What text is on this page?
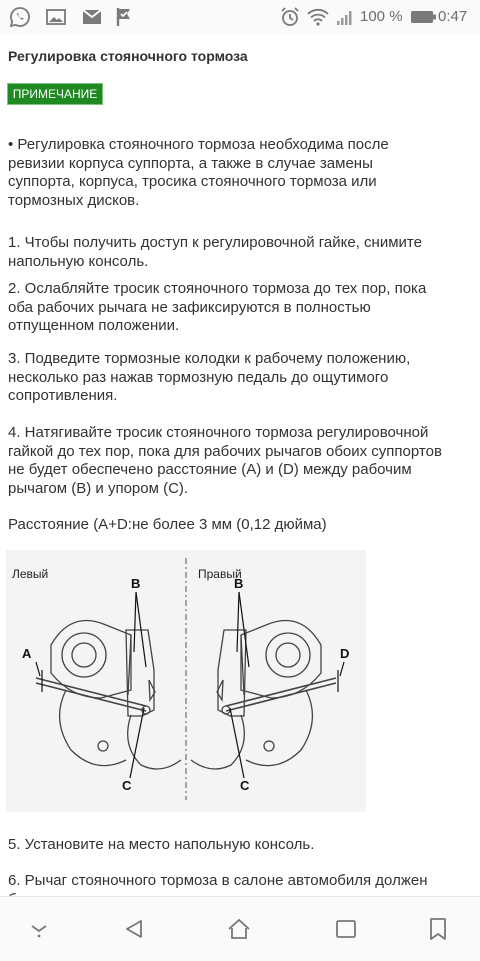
100 % 0:47
Регулировка стояночного тормоза
ПРИМЕЧАНИЕ
• Регулировка стояночного тормоза необходима после
ревизии корпуса суппорта, а также в случае замены
суппорта, корпуса, тросика стояночного тормоза или
тормозных дисков.
1. Чтобы получить доступ к регулировочной гайке, снимите
напольную консоль.
2. Ослабляйте тросик стояночного тормоза до тех пор, пока
оба рабочих рычага не зафиксируются в полностью
отпущенном положении.
3. Подведите тормозные колодки к рабочему положению,
несколько раз нажав тормозную педаль до ощутимого
сопротивления.
4. Натягивайте тросик стояночного тормоза регулировочной
гайкой до тех пор, пока для рабочих рычагов обоих суппортов
не будет обеспечено расстояние (A) и (D) между рабочим
рычагом (B) и упором (C).
Расстояние (A+D:не более 3 мм (0,12 дюйма)
5. Установите на место напольную консоль.
6. Рычаг стояночного тормоза в салоне автомобиля должен
Левый	Правый
B
C
A
B
C
D
